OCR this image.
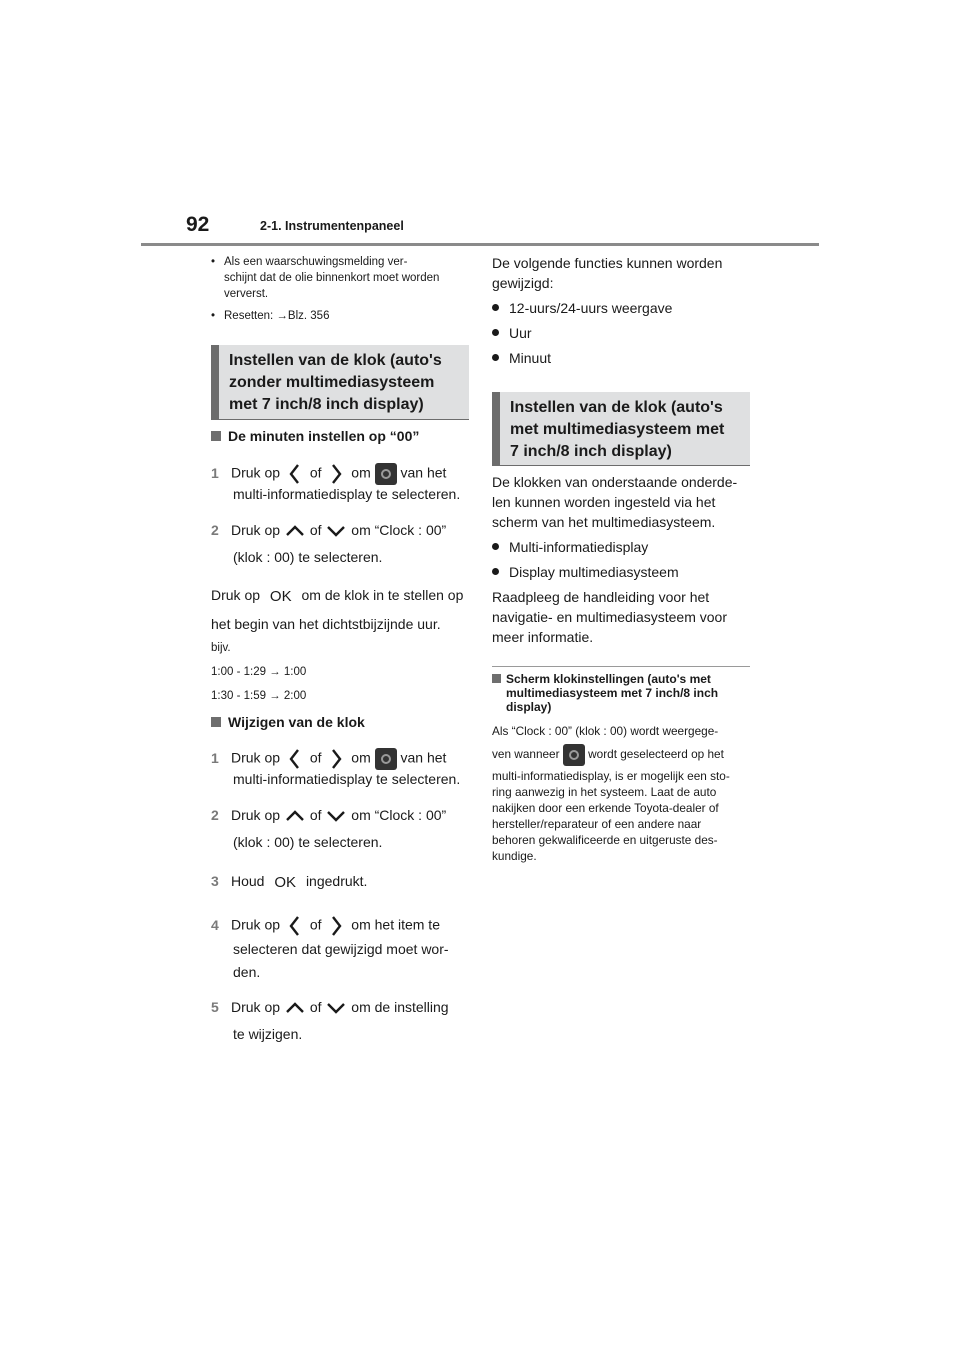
92	2-1. Instrumentenpaneel
• Als een waarschuwingsmelding ver-
schijnt dat de olie binnenkort moet worden
ververst.
• Resetten: →Blz. 356
Instellen van de klok (auto's
zonder multimediasysteem
met 7 inch/8 inch display)
De minuten instellen op “00”
1 Druk op of om van het
multi-informatiedisplay te selecteren.
2 Druk op of om “Clock : 00”
(klok : 00) te selecteren.
Druk op OK om de klok in te stellen op
het begin van het dichtstbijzijnde uur.
bijv.
1:00 - 1:29 → 1:00
1:30 - 1:59 → 2:00
Wijzigen van de klok
1 Druk op of om van het
multi-informatiedisplay te selecteren.
2 Druk op of om “Clock : 00”
(klok : 00) te selecteren.
3 Houd OK ingedrukt.
4 Druk op of om het item te
selecteren dat gewijzigd moet wor-
den.
5 Druk op of om de instelling
te wijzigen.
De volgende functies kunnen worden
gewijzigd:
12-uurs/24-uurs weergave
Uur
Minuut
Instellen van de klok (auto's
met multimediasysteem met
7 inch/8 inch display)
De klokken van onderstaande onderde-
len kunnen worden ingesteld via het
scherm van het multimediasysteem.
Multi-informatiedisplay
Display multimediasysteem
Raadpleeg de handleiding voor het
navigatie- en multimediasysteem voor
meer informatie.
Scherm klokinstellingen (auto's met
multimediasysteem met 7 inch/8 inch
display)
Als “Clock : 00” (klok : 00) wordt weergege-
ven wanneer wordt geselecteerd op het
multi-informatiedisplay, is er mogelijk een sto-
ring aanwezig in het systeem. Laat de auto
nakijken door een erkende Toyota-dealer of
hersteller/reparateur of een andere naar
behoren gekwalificeerde en uitgeruste des-
kundige.
